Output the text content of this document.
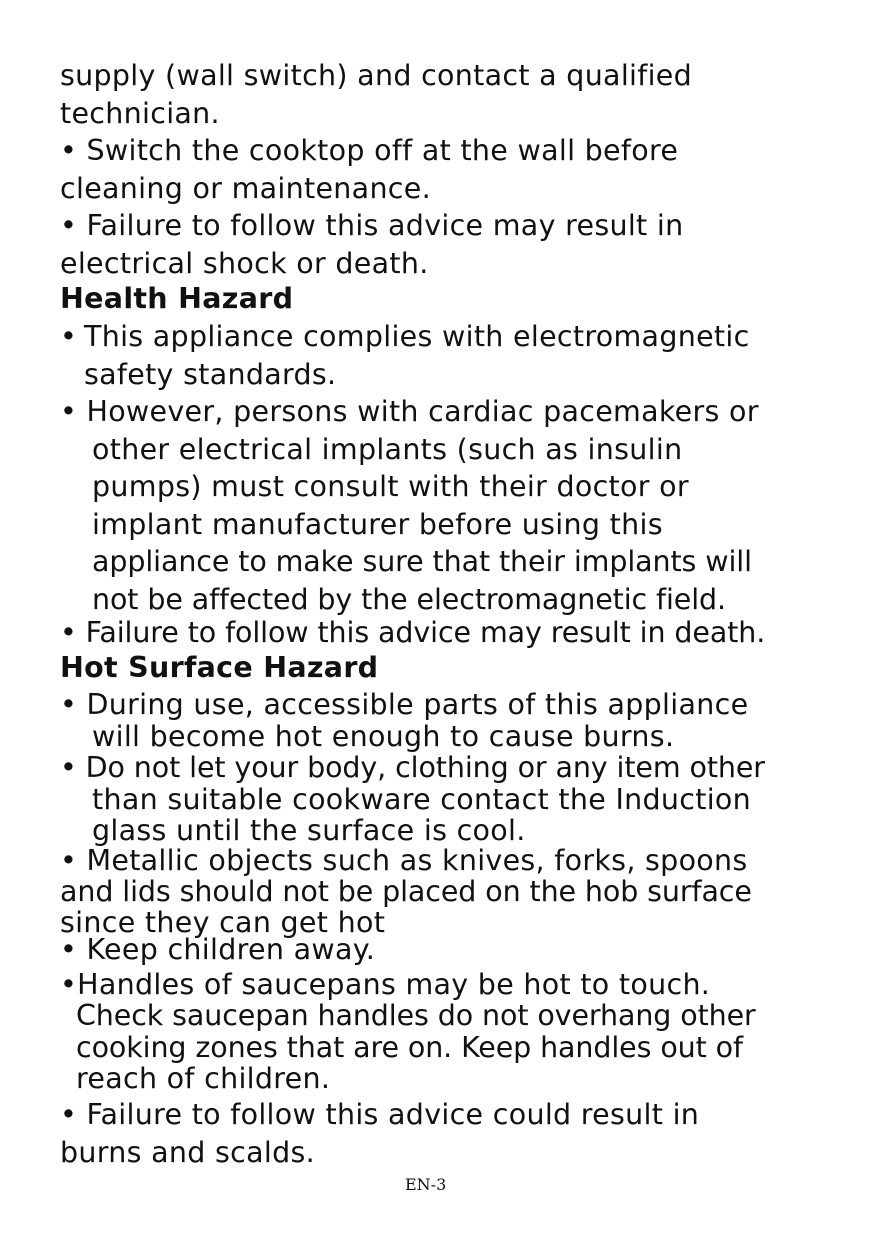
supply (wall switch) and contact a qualified
technician.
• Switch the cooktop off at the wall before
cleaning or maintenance.
• Failure to follow this advice may result in
electrical shock or death.
Health Hazard
• This appliance complies with electromagnetic
safety standards.
• However, persons with cardiac pacemakers or
other electrical implants (such as insulin
pumps) must consult with their doctor or
implant manufacturer before using this
appliance to make sure that their implants will
not be affected by the electromagnetic field.
• Failure to follow this advice may result in death.
Hot Surface Hazard
• During use, accessible parts of this appliance
will become hot enough to cause burns.
• Do not let your body, clothing or any item other
than suitable cookware contact the Induction
glass until the surface is cool.
• Metallic objects such as knives, forks, spoons
and lids should not be placed on the hob surface
since they can get hot
• Keep children away.
•Handles of saucepans may be hot to touch.
Check saucepan handles do not overhang other
cooking zones that are on. Keep handles out of
reach of children.
• Failure to follow this advice could result in
burns and scalds.
EN-3
